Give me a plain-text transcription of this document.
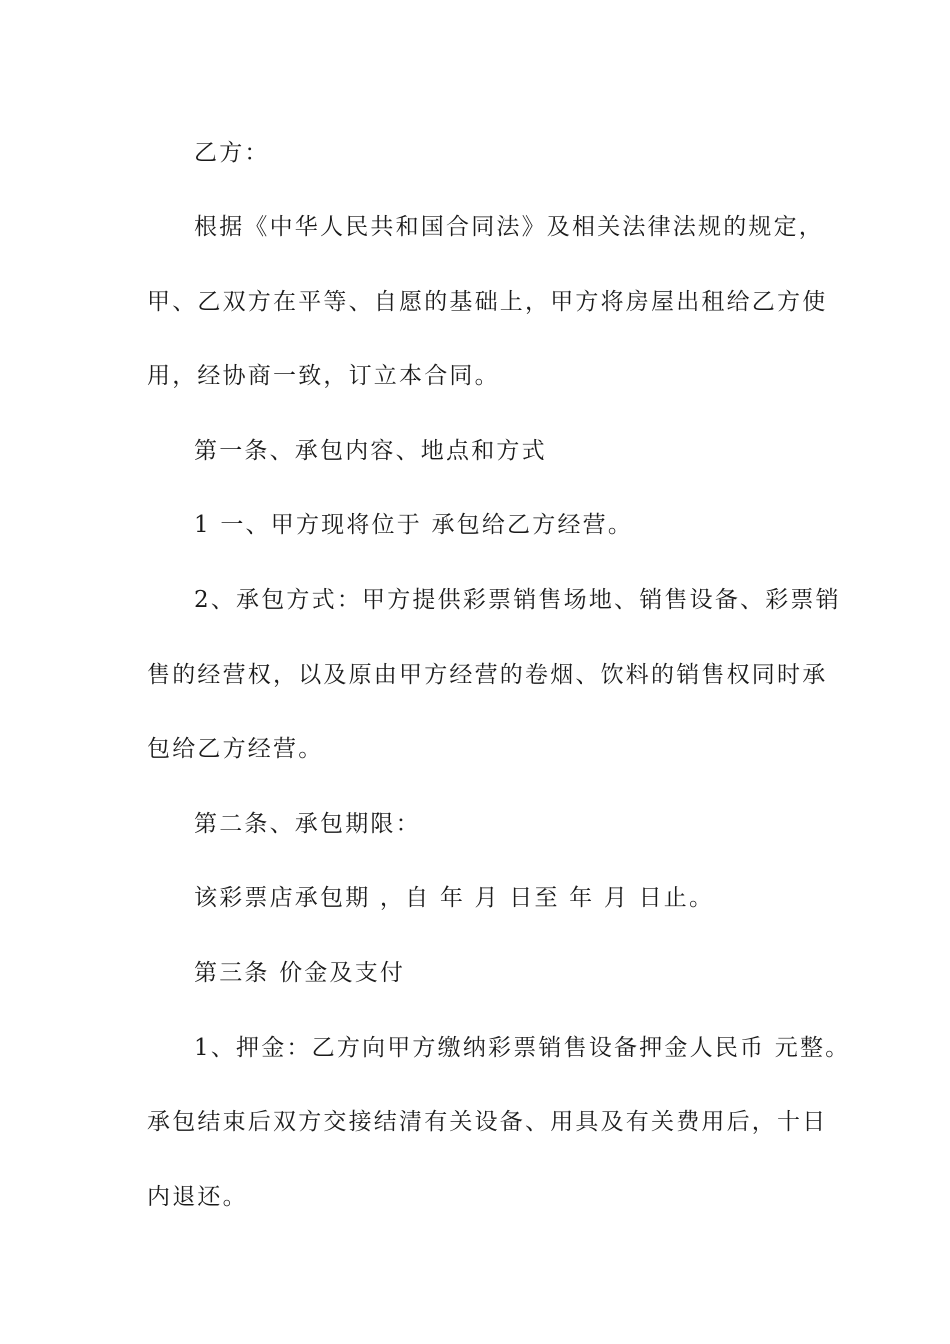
乙方：
根据《中华人民共和国合同法》及相关法律法规的规定，
甲、乙双方在平等、自愿的基础上，甲方将房屋出租给乙方使
用，经协商一致，订立本合同。
第一条、承包内容、地点和方式
1 一、甲方现将位于 承包给乙方经营。
2、承包方式：甲方提供彩票销售场地、销售设备、彩票销
售的经营权，以及原由甲方经营的卷烟、饮料的销售权同时承
包给乙方经营。
第二条、承包期限：
该彩票店承包期 ，自 年 月 日至 年 月 日止。
第三条 价金及支付
1、押金：乙方向甲方缴纳彩票销售设备押金人民币 元整。
承包结束后双方交接结清有关设备、用具及有关费用后，十日
内退还。
